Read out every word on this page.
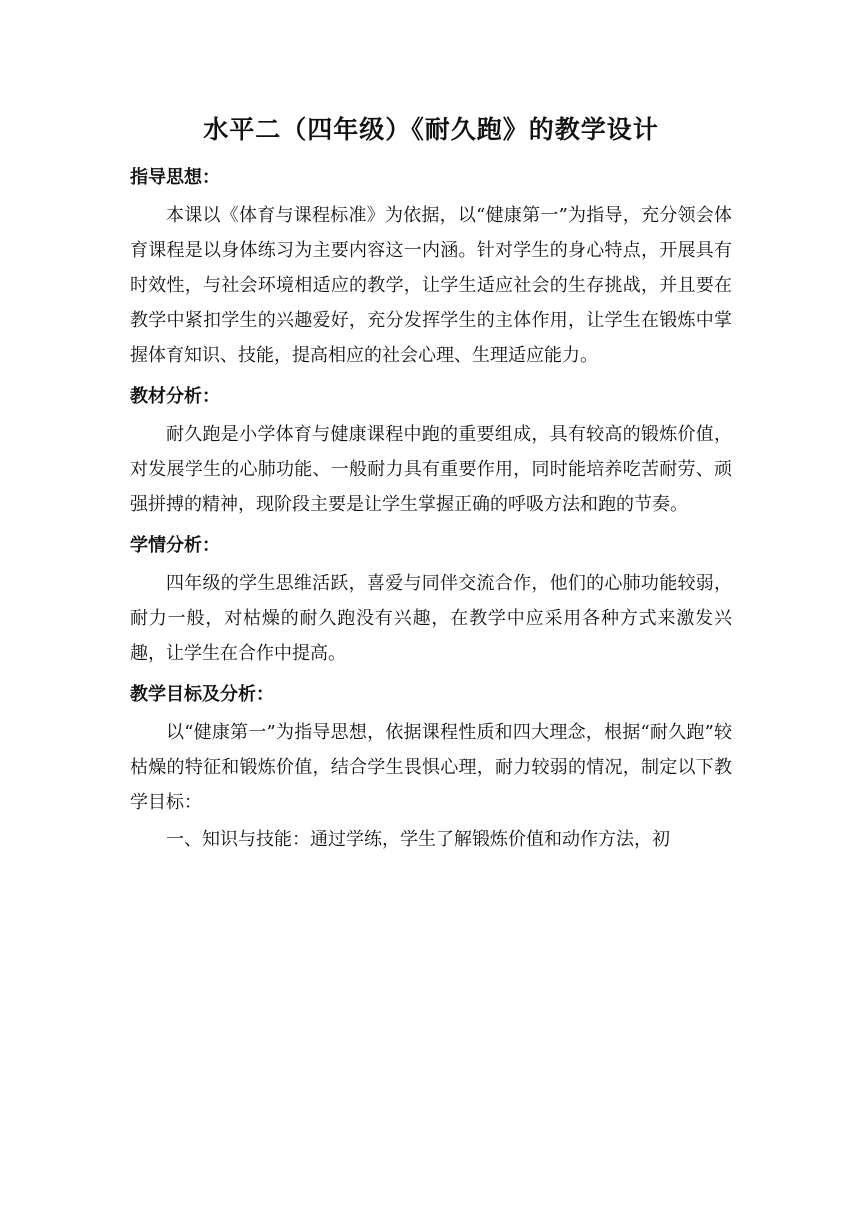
水平二（四年级）《耐久跑》的教学设计
指导思想：

本课以《体育与课程标准》为依据，以“健康第一”为指导，充分领会体育课程是以身体练习为主要内容这一内涵。针对学生的身心特点，开展具有时效性，与社会环境相适应的教学，让学生适应社会的生存挑战，并且要在教学中紧扣学生的兴趣爱好，充分发挥学生的主体作用，让学生在锻炼中掌握体育知识、技能，提高相应的社会心理、生理适应能力。

教材分析：

耐久跑是小学体育与健康课程中跑的重要组成，具有较高的锻炼价值，对发展学生的心肺功能、一般耐力具有重要作用，同时能培养吃苦耐劳、顽强拼搏的精神，现阶段主要是让学生掌握正确的呼吸方法和跑的节奏。

学情分析：

四年级的学生思维活跃，喜爱与同伴交流合作，他们的心肺功能较弱，耐力一般，对枯燥的耐久跑没有兴趣，在教学中应采用各种方式来激发兴趣，让学生在合作中提高。

教学目标及分析：

以“健康第一”为指导思想，依据课程性质和四大理念，根据“耐久跑”较枯燥的特征和锻炼价值，结合学生畏惧心理，耐力较弱的情况，制定以下教学目标：

一、知识与技能：通过学练，学生了解锻炼价值和动作方法，初
